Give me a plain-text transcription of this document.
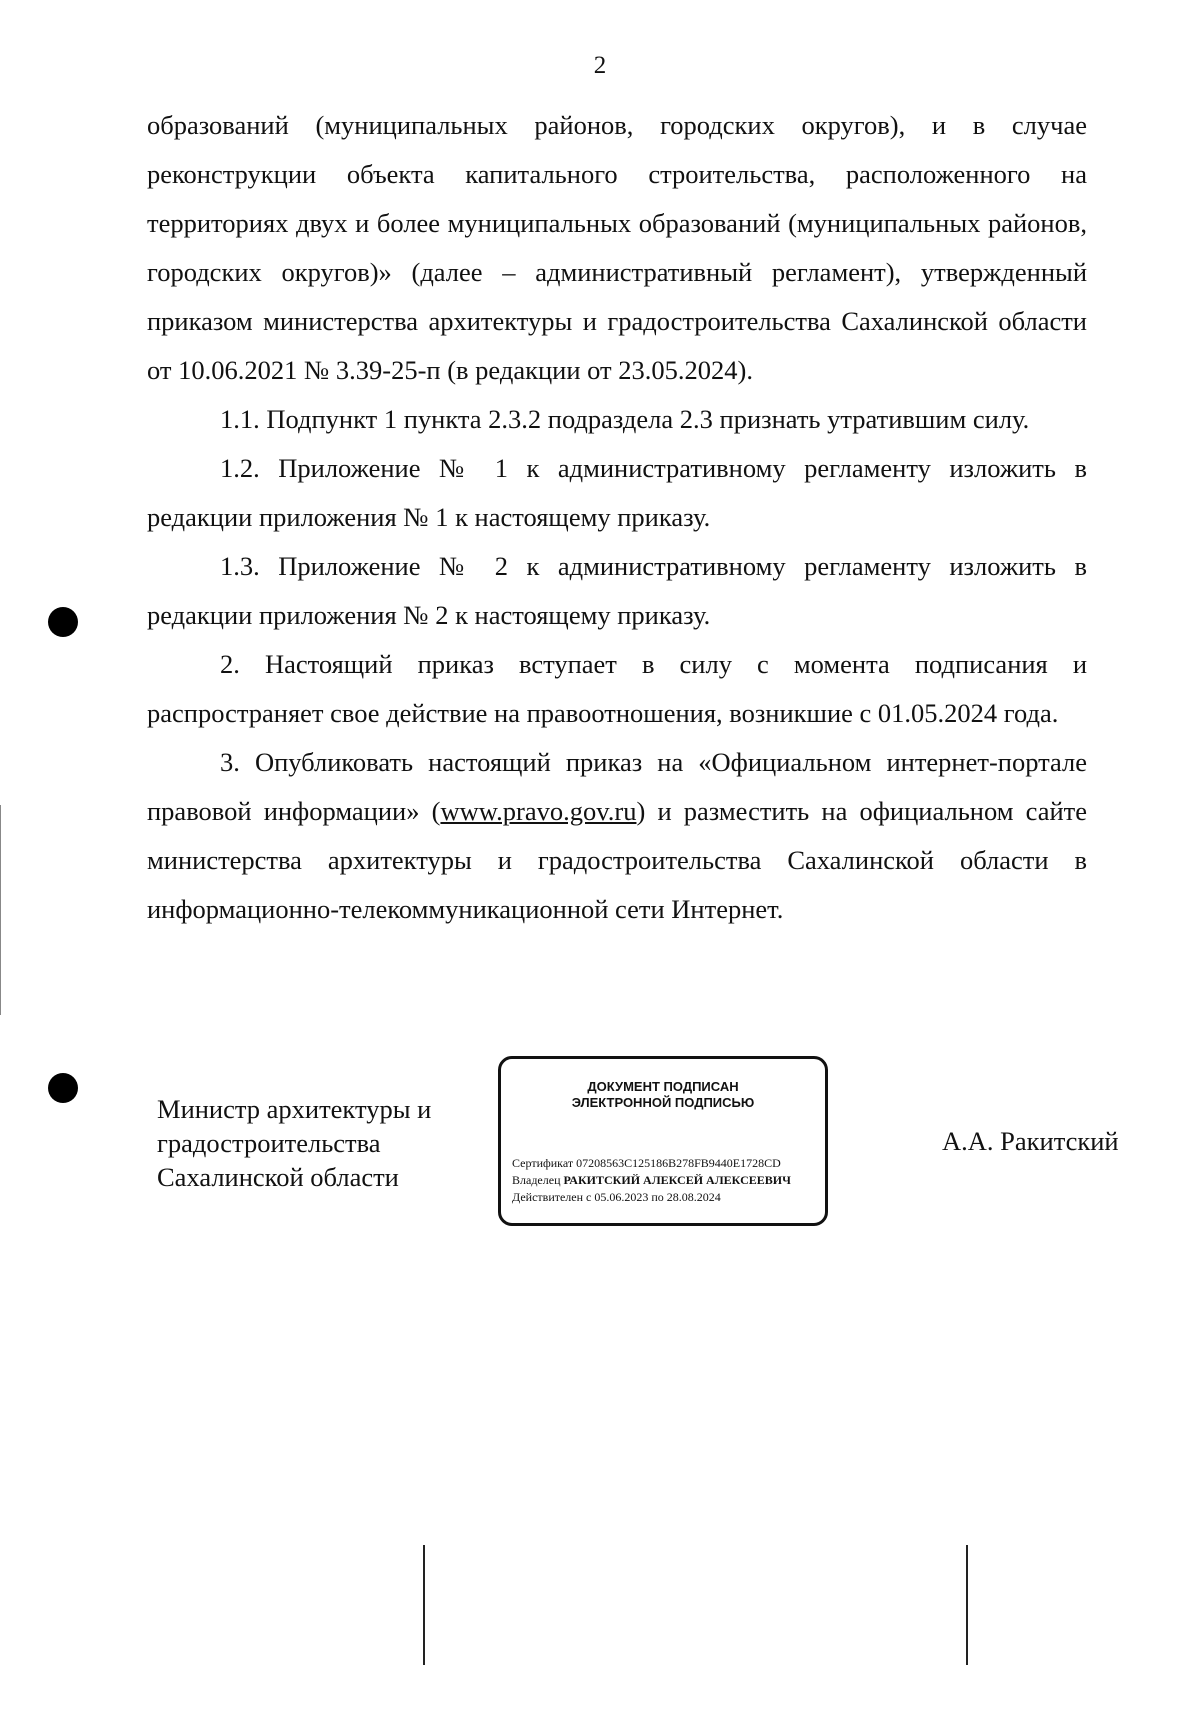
2

образований (муниципальных районов, городских округов), и в случае реконструкции объекта капитального строительства, расположенного на территориях двух и более муниципальных образований (муниципальных районов, городских округов)» (далее – административный регламент), утвержденный приказом министерства архитектуры и градостроительства Сахалинской области от 10.06.2021 № 3.39-25-п (в редакции от 23.05.2024).

1.1. Подпункт 1 пункта 2.3.2 подраздела 2.3 признать утратившим силу.

1.2. Приложение № 1 к административному регламенту изложить в редакции приложения № 1 к настоящему приказу.

1.3. Приложение № 2 к административному регламенту изложить в редакции приложения № 2 к настоящему приказу.

2. Настоящий приказ вступает в силу с момента подписания и распространяет свое действие на правоотношения, возникшие с 01.05.2024 года.

3. Опубликовать настоящий приказ на «Официальном интернет-портале правовой информации» (www.pravo.gov.ru) и разместить на официальном сайте министерства архитектуры и градостроительства Сахалинской области в информационно-телекоммуникационной сети Интернет.

Министр архитектуры и
градостроительства
Сахалинской области
ДОКУМЕНТ ПОДПИСАН
ЭЛЕКТРОННОЙ ПОДПИСЬЮ
Сертификат 07208563C125186B278FB9440E1728CD
Владелец РАКИТСКИЙ АЛЕКСЕЙ АЛЕКСЕЕВИЧ
Действителен с 05.06.2023 по 28.08.2024
А.А. Ракитский
